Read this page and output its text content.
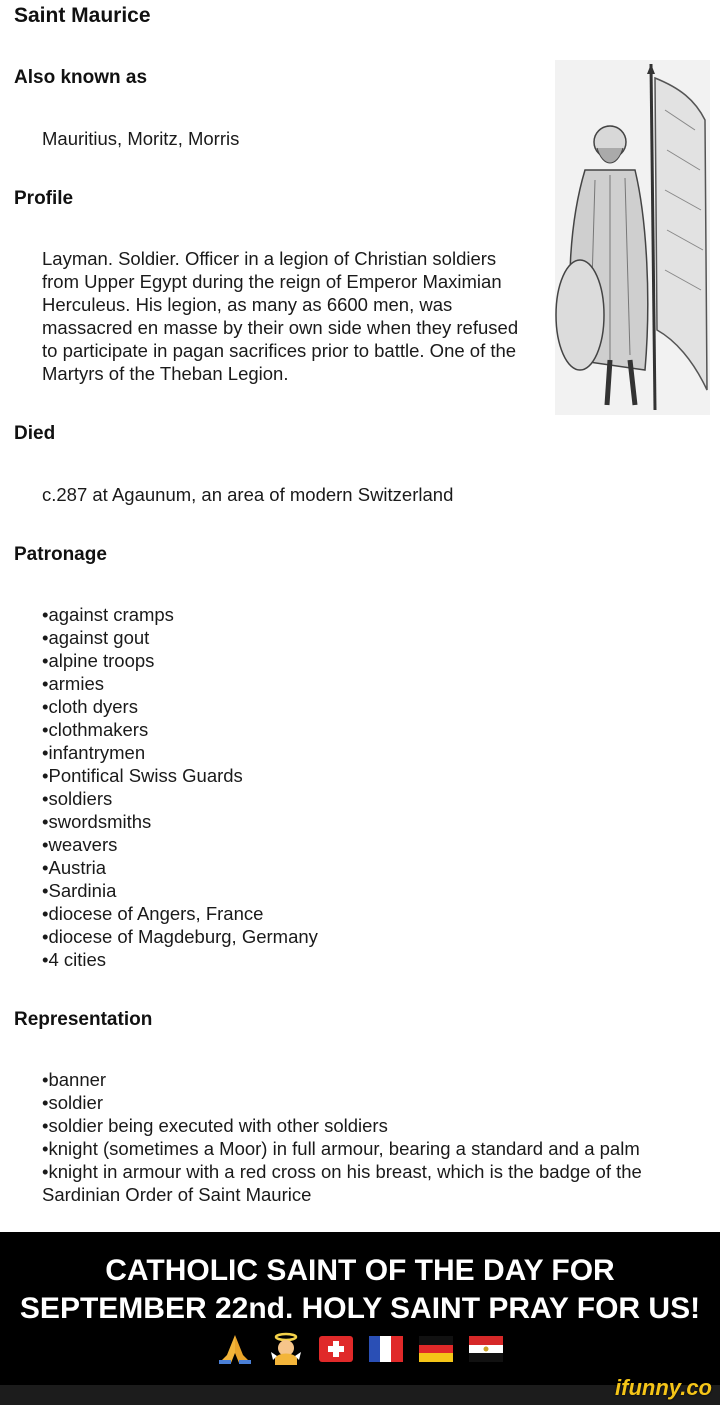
Saint Maurice
Also known as
Mauritius, Moritz, Morris
Profile
Layman. Soldier. Officer in a legion of Christian soldiers
from Upper Egypt during the reign of Emperor Maximian
Herculeus. His legion, as many as 6600 men, was
massacred en masse by their own side when they refused
to participate in pagan sacrifices prior to battle. One of the
Martyrs of the Theban Legion.
Died
c.287 at Agaunum, an area of modern Switzerland
Patronage
• against cramps
• against gout
• alpine troops
• armies
• cloth dyers
• clothmakers
• infantrymen
• Pontifical Swiss Guards
• soldiers
• swordsmiths
• weavers
• Austria
• Sardinia
• diocese of Angers, France
• diocese of Magdeburg, Germany
• 4 cities
Representation
• banner
• soldier
• soldier being executed with other soldiers
• knight (sometimes a Moor) in full armour, bearing a standard and a palm
• knight in armour with a red cross on his breast, which is the badge of the
Sardinian Order of Saint Maurice
CATHOLIC SAINT OF THE DAY FOR
SEPTEMBER 22nd. HOLY SAINT PRAY FOR US!
ifunny.co
